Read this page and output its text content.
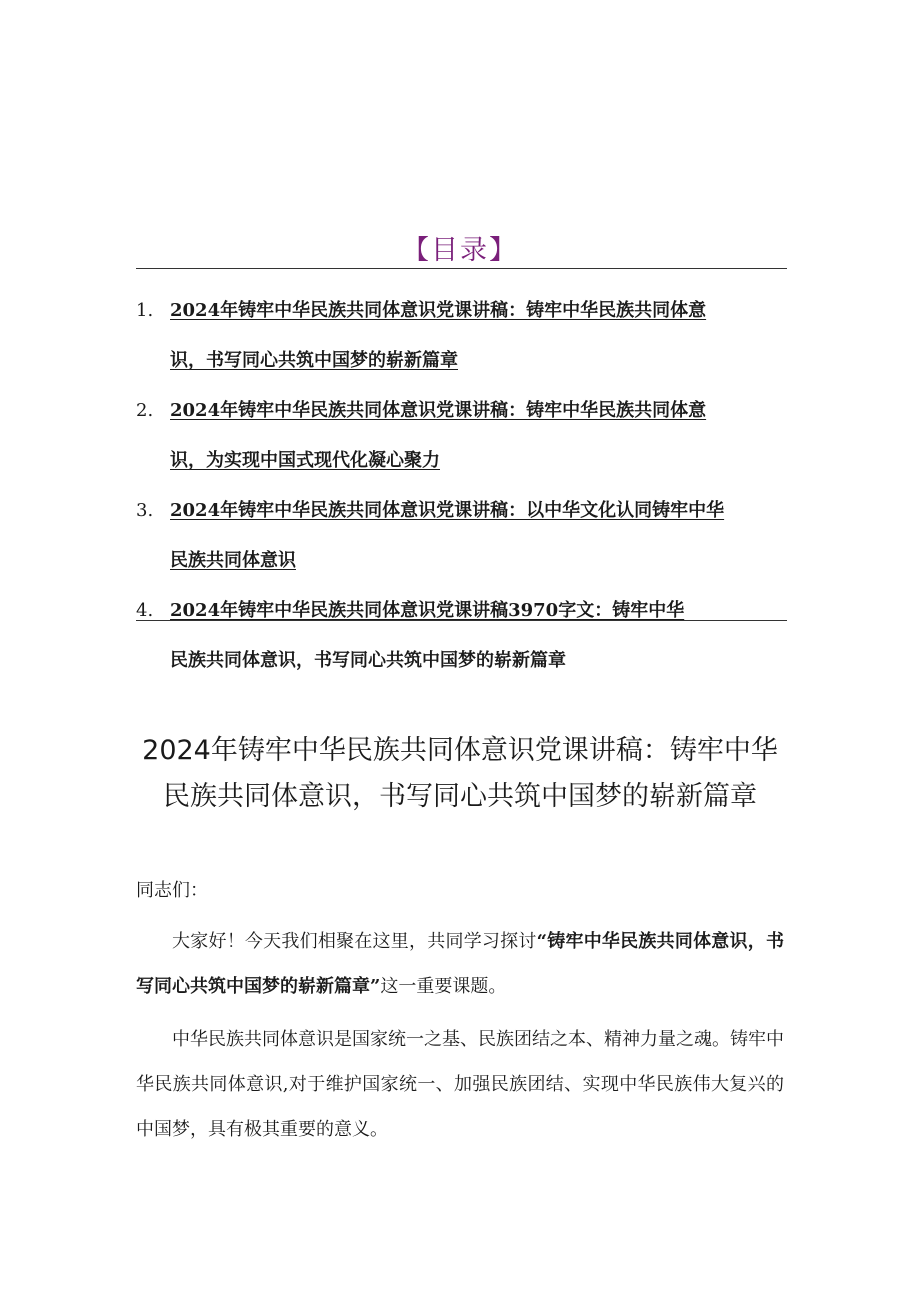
【目录】
1. 2024年铸牢中华民族共同体意识党课讲稿：铸牢中华民族共同体意
识，书写同心共筑中国梦的崭新篇章
2. 2024年铸牢中华民族共同体意识党课讲稿：铸牢中华民族共同体意
识，为实现中国式现代化凝心聚力
3. 2024年铸牢中华民族共同体意识党课讲稿：以中华文化认同铸牢中华
民族共同体意识
4. 2024年铸牢中华民族共同体意识党课讲稿3970字文：铸牢中华
民族共同体意识，书写同心共筑中国梦的崭新篇章
2024年铸牢中华民族共同体意识党课讲稿：铸牢中华
民族共同体意识，书写同心共筑中国梦的崭新篇章
同志们：
大家好！今天我们相聚在这里，共同学习探讨“铸牢中华民族共同体意识，书写同心共筑中国梦的崭新篇章”这一重要课题。
中华民族共同体意识是国家统一之基、民族团结之本、精神力量之魂。铸牢中华民族共同体意识,对于维护国家统一、加强民族团结、实现中华民族伟大复兴的中国梦，具有极其重要的意义。
